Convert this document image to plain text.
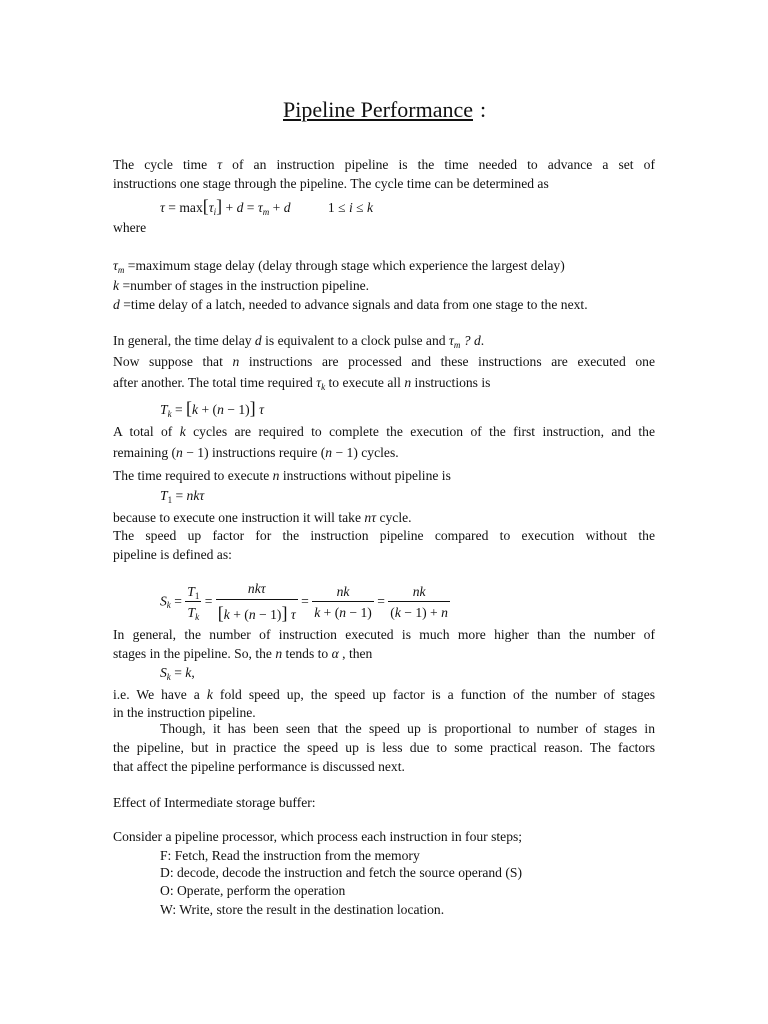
Pipeline Performance :
The cycle time τ of an instruction pipeline is the time needed to advance a set of
instructions one stage through the pipeline. The cycle time can be determined as
$\tau = \max[\tau_i] + d = \tau_m + d$	1 ≤ i ≤ k
where
$\tau_m$ =maximum stage delay (delay through stage which experience the largest delay)
k =number of stages in the instruction pipeline.
d =time delay of a latch, needed to advance signals and data from one stage to the next.
In general, the time delay d is equivalent to a clock pulse and $\tau_m$ ? d.
Now suppose that n instructions are processed and these instructions are executed one
after another. The total time required $\tau_k$ to execute all n instructions is
$T_k = [k + (n - 1)]$ τ
A total of k cycles are required to complete the execution of the first instruction, and the
remaining (n − 1) instructions require (n − 1) cycles.
The time required to execute n instructions without pipeline is
$T_1 = nk\tau$
because to execute one instruction it will take nτ cycle.
The speed up factor for the instruction pipeline compared to execution without the
pipeline is defined as:
$S_k = \frac{T_1}{T_k} = \frac{\text{nkτ}}{[k + (n - 1)] \tau} = \frac{nk}{k + (n - 1)} = \frac{nk}{(k - 1) + n}$
In general, the number of instruction executed is much more higher than the number of
stages in the pipeline. So, the n tends to α , then
$S_k = k$,
i.e. We have a k fold speed up, the speed up factor is a function of the number of stages
in the instruction pipeline.
Though, it has been seen that the speed up is proportional to number of stages in
the pipeline, but in practice the speed up is less due to some practical reason. The factors
that affect the pipeline performance is discussed next.
Effect of Intermediate storage buffer:
Consider a pipeline processor, which process each instruction in four steps;
F: Fetch, Read the instruction from the memory
D: decode, decode the instruction and fetch the source operand (S)
O: Operate, perform the operation
W: Write, store the result in the destination location.
